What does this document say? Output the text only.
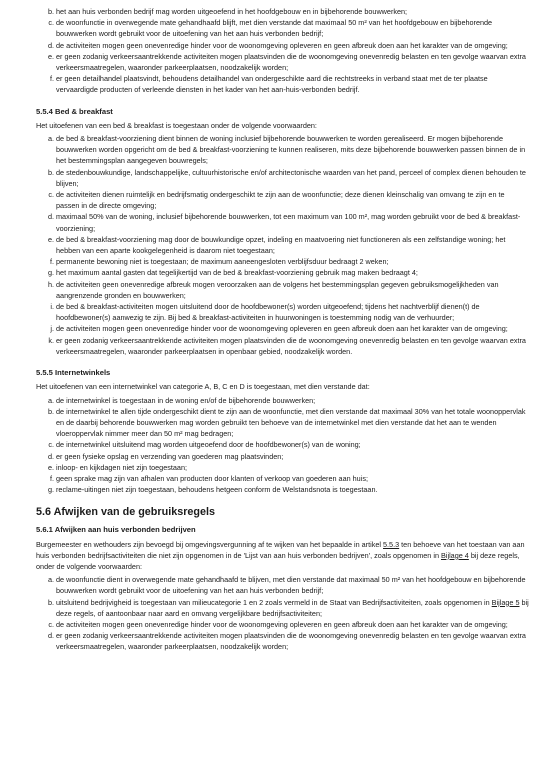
b. het aan huis verbonden bedrijf mag worden uitgeoefend in het hoofdgebouw en in bijbehorende bouwwerken;
c. de woonfunctie in overwegende mate gehandhaafd blijft, met dien verstande dat maximaal 50 m² van het hoofdgebouw en bijbehorende bouwwerken wordt gebruikt voor de uitoefening van het aan huis verbonden bedrijf;
d. de activiteiten mogen geen onevenredige hinder voor de woonomgeving opleveren en geen afbreuk doen aan het karakter van de omgeving;
e. er geen zodanig verkeersaantrekkende activiteiten mogen plaatsvinden die de woonomgeving onevenredig belasten en ten gevolge waarvan extra verkeersmaatregelen, waaronder parkeerplaatsen, noodzakelijk worden;
f. er geen detailhandel plaatsvindt, behoudens detailhandel van ondergeschikte aard die rechtstreeks in verband staat met de ter plaatse vervaardigde producten of verleende diensten in het kader van het aan-huis-verbonden bedrijf.
5.5.4 Bed & breakfast
Het uitoefenen van een bed & breakfast is toegestaan onder de volgende voorwaarden:
a. de bed & breakfast-voorziening dient binnen de woning inclusief bijbehorende bouwwerken te worden gerealiseerd. Er mogen bijbehorende bouwwerken worden opgericht om de bed & breakfast-voorziening te kunnen realiseren, mits deze bijbehorende bouwwerken passen binnen de in het bestemmingsplan aangegeven bouwregels;
b. de stedenbouwkundige, landschappelijke, cultuurhistorische en/of architectonische waarden van het pand, perceel of complex dienen behouden te blijven;
c. de activiteiten dienen ruimtelijk en bedrijfsmatig ondergeschikt te zijn aan de woonfunctie; deze dienen kleinschalig van omvang te zijn en te passen in de directe omgeving;
d. maximaal 50% van de woning, inclusief bijbehorende bouwwerken, tot een maximum van 100 m², mag worden gebruikt voor de bed & breakfast-voorziening;
e. de bed & breakfast-voorziening mag door de bouwkundige opzet, indeling en maatvoering niet functioneren als een zelfstandige woning; het hebben van een aparte kookgelegenheid is daarom niet toegestaan;
f. permanente bewoning niet is toegestaan; de maximum aaneengesloten verblijfsduur bedraagt 2 weken;
g. het maximum aantal gasten dat tegelijkertijd van de bed & breakfast-voorziening gebruik mag maken bedraagt 4;
h. de activiteiten geen onevenredige afbreuk mogen veroorzaken aan de volgens het bestemmingsplan gegeven gebruiksmogelijkheden van aangrenzende gronden en bouwwerken;
i. de bed & breakfast-activiteiten mogen uitsluitend door de hoofdbewoner(s) worden uitgeoefend; tijdens het nachtverblijf dienen(t) de hoofdbewoner(s) aanwezig te zijn. Bij bed & breakfast-activiteiten in huurwoningen is toestemming nodig van de verhuurder;
j. de activiteiten mogen geen onevenredige hinder voor de woonomgeving opleveren en geen afbreuk doen aan het karakter van de omgeving;
k. er geen zodanig verkeersaantrekkende activiteiten mogen plaatsvinden die de woonomgeving onevenredig belasten en ten gevolge waarvan extra verkeersmaatregelen, waaronder parkeerplaatsen in openbaar gebied, noodzakelijk worden.
5.5.5 Internetwinkels
Het uitoefenen van een internetwinkel van categorie A, B, C en D is toegestaan, met dien verstande dat:
a. de internetwinkel is toegestaan in de woning en/of de bijbehorende bouwwerken;
b. de internetwinkel te allen tijde ondergeschikt dient te zijn aan de woonfunctie, met dien verstande dat maximaal 30% van het totale woonoppervlak en de daarbij behorende bouwwerken mag worden gebruikt ten behoeve van de internetwinkel met dien verstande dat het aan te wenden vloeroppervlak nimmer meer dan 50 m² mag bedragen;
c. de internetwinkel uitsluitend mag worden uitgeoefend door de hoofdbewoner(s) van de woning;
d. er geen fysieke opslag en verzending van goederen mag plaatsvinden;
e. inloop- en kijkdagen niet zijn toegestaan;
f. geen sprake mag zijn van afhalen van producten door klanten of verkoop van goederen aan huis;
g. reclame-uitingen niet zijn toegestaan, behoudens hetgeen conform de Welstandsnota is toegestaan.
5.6 Afwijken van de gebruiksregels
5.6.1 Afwijken aan huis verbonden bedrijven
Burgemeester en wethouders zijn bevoegd bij omgevingsvergunning af te wijken van het bepaalde in artikel 5.5.3 ten behoeve van het toestaan van aan huis verbonden bedrijfsactiviteiten die niet zijn opgenomen in de 'Lijst van aan huis verbonden bedrijven', zoals opgenomen in Bijlage 4 bij deze regels, onder de volgende voorwaarden:
a. de woonfunctie dient in overwegende mate gehandhaafd te blijven, met dien verstande dat maximaal 50 m² van het hoofdgebouw en bijbehorende bouwwerken wordt gebruikt voor de uitoefening van het aan huis verbonden bedrijf;
b. uitsluitend bedrijvigheid is toegestaan van milieucategorie 1 en 2 zoals vermeld in de Staat van Bedrijfsactiviteiten, zoals opgenomen in Bijlage 5 bij deze regels, of aantoonbaar naar aard en omvang vergelijkbare bedrijfsactiviteiten;
c. de activiteiten mogen geen onevenredige hinder voor de woonomgeving opleveren en geen afbreuk doen aan het karakter van de omgeving;
d. er geen zodanig verkeersaantrekkende activiteiten mogen plaatsvinden die de woonomgeving onevenredig belasten en ten gevolge waarvan extra verkeersmaatregelen, waaronder parkeerplaatsen, noodzakelijk worden;
